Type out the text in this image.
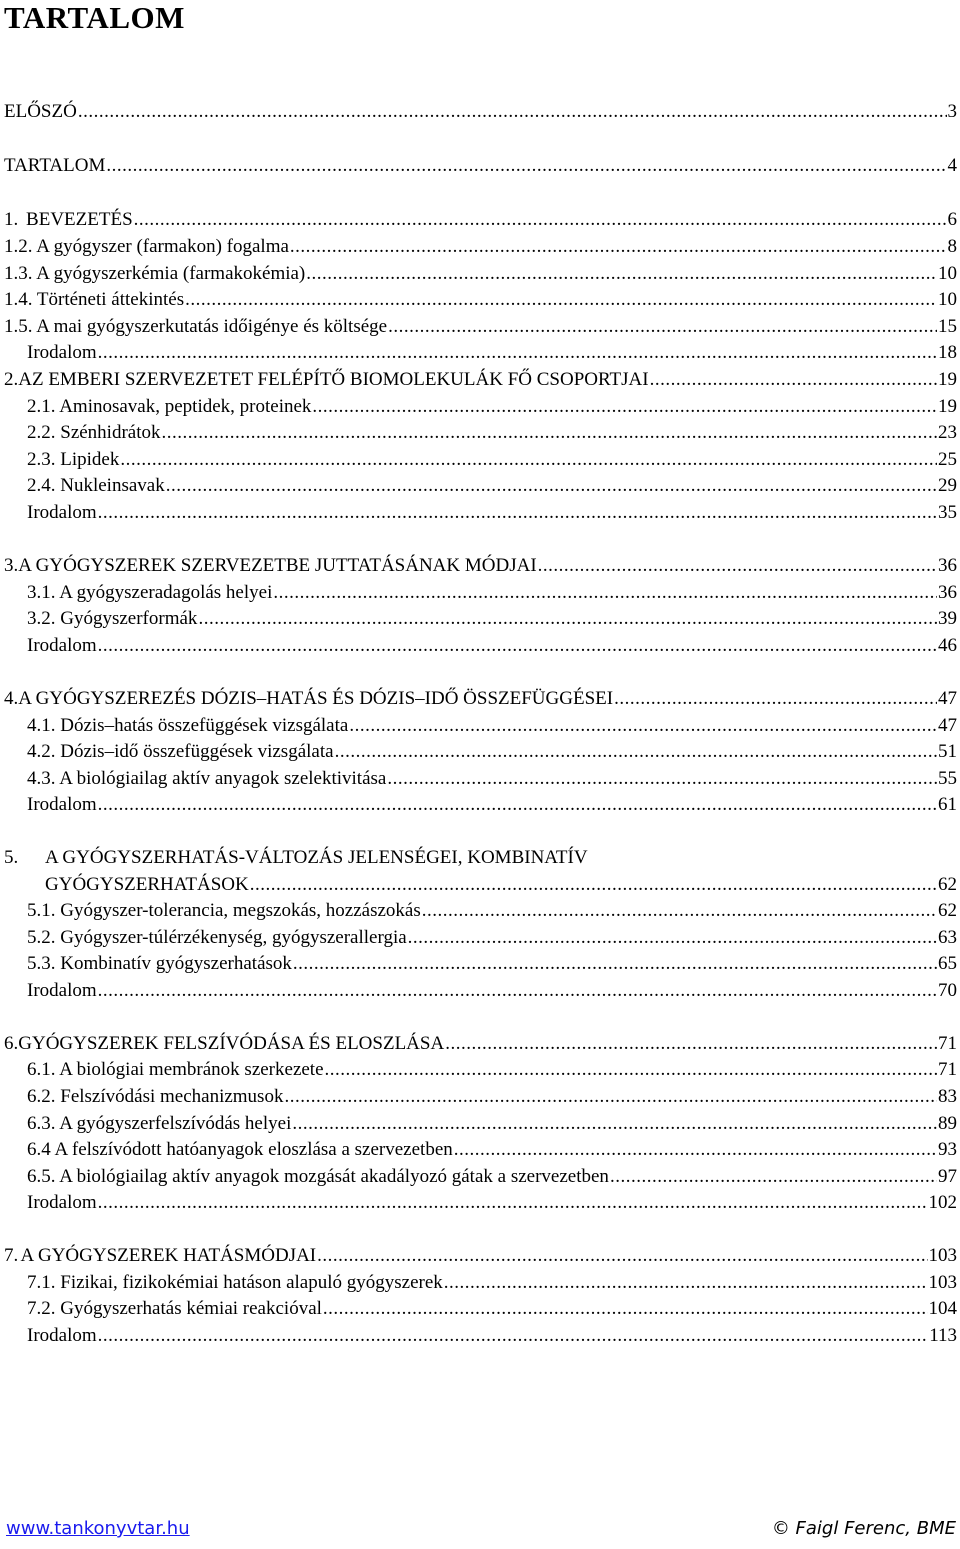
TARTALOM
ELŐSZÓ .....	3
TARTALOM .....	4
1. BEVEZETÉS .....	6
1.2. A gyógyszer (farmakon) fogalma .....	8
1.3. A gyógyszerkémia (farmakokémia) .....	10
1.4. Történeti áttekintés .....	10
1.5. A mai gyógyszerkutatás időigénye és költsége .....	15
Irodalom .....	18
2. AZ EMBERI SZERVEZETET FELÉPÍTŐ BIOMOLEKULÁK FŐ CSOPORTJAI .....	19
2.1. Aminosavak, peptidek, proteinek .....	19
2.2. Szénhidrátok .....	23
2.3. Lipidek .....	25
2.4. Nukleinsavak .....	29
Irodalom .....	35
3. A GYÓGYSZEREK SZERVEZETBE JUTTATÁSÁNAK MÓDJAI .....	36
3.1. A gyógyszeradagolás helyei .....	36
3.2. Gyógyszerformák .....	39
Irodalom .....	46
4. A GYÓGYSZEREZÉS DÓZIS–HATÁS ÉS DÓZIS–IDŐ ÖSSZEFÜGGÉSEI .....	47
4.1. Dózis–hatás összefüggések vizsgálata .....	47
4.2. Dózis–idő összefüggések vizsgálata .....	51
4.3. A biológiailag aktív anyagok szelektivitása .....	55
Irodalom .....	61
5.	A GYÓGYSZERHATÁS-VÁLTOZÁS JELENSÉGEI, KOMBINATÍV
GYÓGYSZERHATÁSOK .....	62
5.1. Gyógyszer-tolerancia, megszokás, hozzászokás .....	62
5.2. Gyógyszer-túlérzékenység, gyógyszerallergia .....	63
5.3. Kombinatív gyógyszerhatások .....	65
Irodalom .....	70
6. GYÓGYSZEREK FELSZÍVÓDÁSA ÉS ELOSZLÁSA .....	71
6.1. A biológiai membránok szerkezete .....	71
6.2. Felszívódási mechanizmusok .....	83
6.3. A gyógyszerfelszívódás helyei .....	89
6.4 A felszívódott hatóanyagok eloszlása a szervezetben .....	93
6.5. A biológiailag aktív anyagok mozgását akadályozó gátak a szervezetben .....	97
Irodalom .....	102
7. A GYÓGYSZEREK HATÁSMÓDJAI .....	103
7.1. Fizikai, fizikokémiai hatáson alapuló gyógyszerek .....	103
7.2. Gyógyszerhatás kémiai reakcióval .....	104
Irodalom .....	113
www.tankonyvtar.hu	© Faigl Ferenc, BME
